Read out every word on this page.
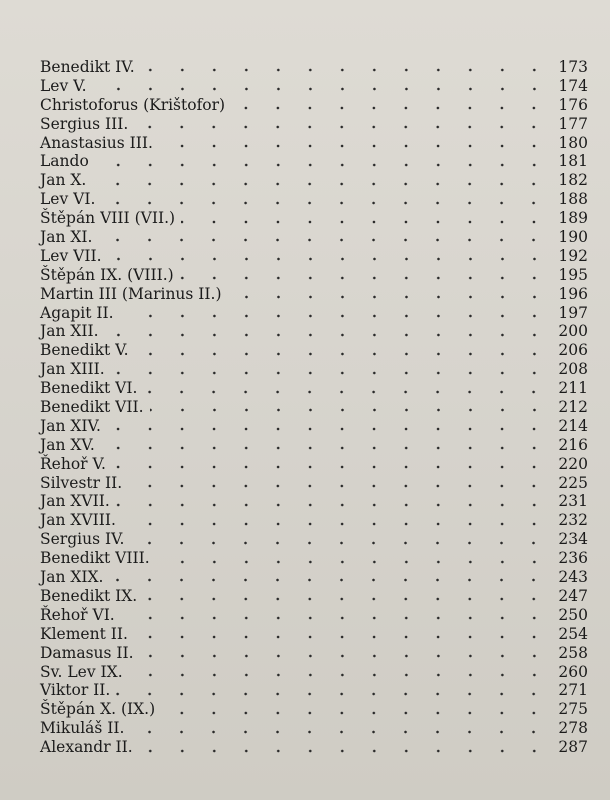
Benedikt IV.	173
Lev V.	174
Christoforus (Krištofor)	176
Sergius III.	177
Anastasius III.	180
Lando	181
Jan X.	182
Lev VI.	188
Štěpán VIII (VII.)	189
Jan XI.	190
Lev VII.	192
Štěpán IX. (VIII.)	195
Martin III (Marinus II.)	196
Agapit II.	197
Jan XII.	200
Benedikt V.	206
Jan XIII.	208
Benedikt VI.	211
Benedikt VII.	212
Jan XIV.	214
Jan XV.	216
Řehoř V.	220
Silvestr II.	225
Jan XVII.	231
Jan XVIII.	232
Sergius IV.	234
Benedikt VIII.	236
Jan XIX.	243
Benedikt IX.	247
Řehoř VI.	250
Klement II.	254
Damasus II.	258
Sv. Lev IX.	260
Viktor II.	271
Štěpán X. (IX.)	275
Mikuláš II.	278
Alexandr II.	287
